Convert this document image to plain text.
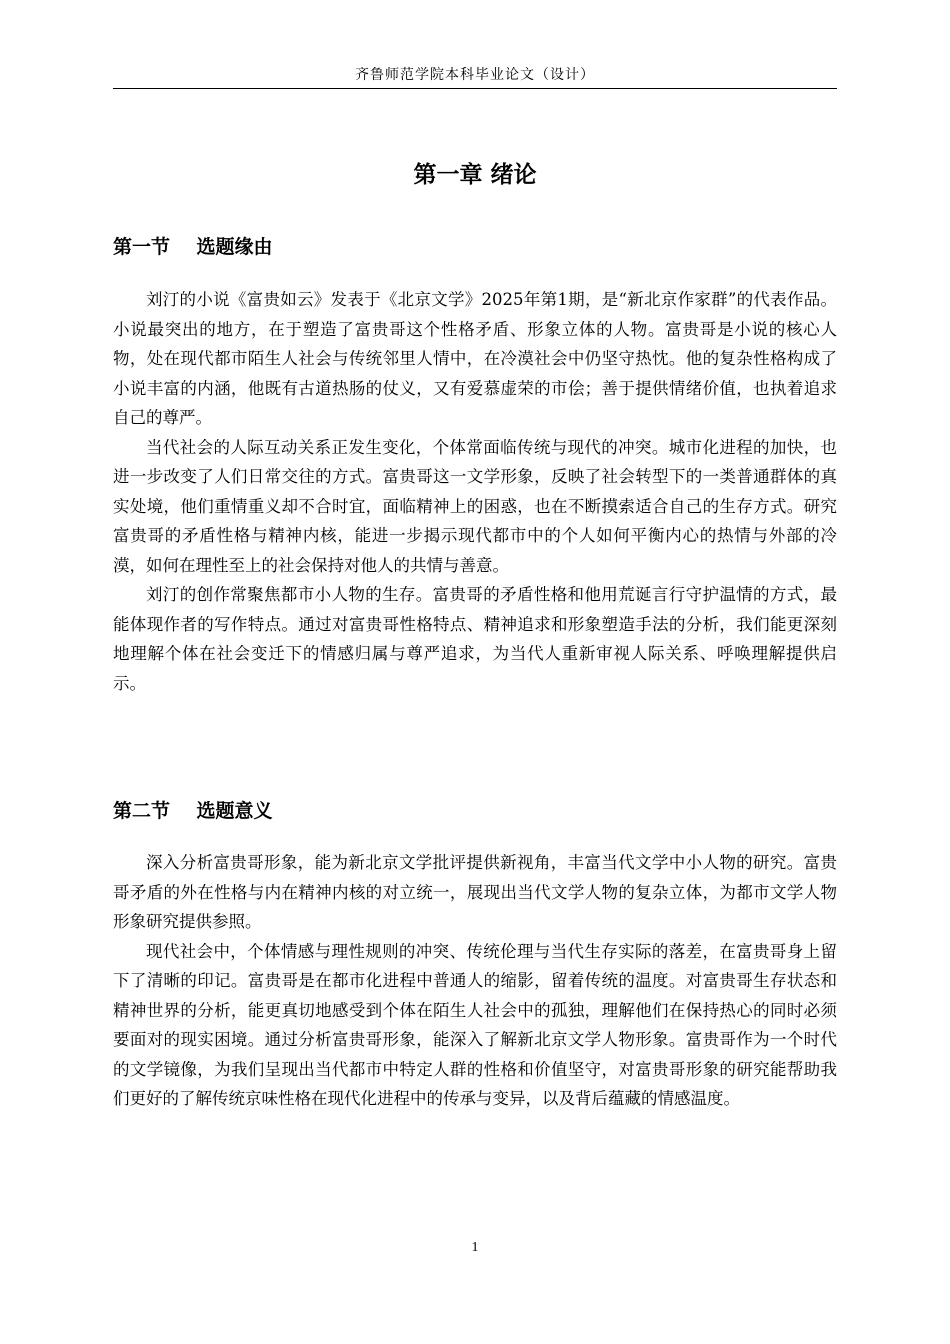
齐鲁师范学院本科毕业论文（设计）
第一章 绪论
第一节    选题缘由

刘汀的小说《富贵如云》发表于《北京文学》2025年第1期，是“新北京作家群”的代表作品。小说最突出的地方，在于塑造了富贵哥这个性格矛盾、形象立体的人物。富贵哥是小说的核心人物，处在现代都市陌生人社会与传统邻里人情中，在冷漠社会中仍坚守热忱。他的复杂性格构成了小说丰富的内涵，他既有古道热肠的仗义，又有爱慕虚荣的市侩；善于提供情绪价值，也执着追求自己的尊严。

当代社会的人际互动关系正发生变化，个体常面临传统与现代的冲突。城市化进程的加快，也进一步改变了人们日常交往的方式。富贵哥这一文学形象，反映了社会转型下的一类普通群体的真实处境，他们重情重义却不合时宜，面临精神上的困惑，也在不断摸索适合自己的生存方式。研究富贵哥的矛盾性格与精神内核，能进一步揭示现代都市中的个人如何平衡内心的热情与外部的冷漠，如何在理性至上的社会保持对他人的共情与善意。

刘汀的创作常聚焦都市小人物的生存。富贵哥的矛盾性格和他用荒诞言行守护温情的方式，最能体现作者的写作特点。通过对富贵哥性格特点、精神追求和形象塑造手法的分析，我们能更深刻地理解个体在社会变迁下的情感归属与尊严追求，为当代人重新审视人际关系、呼唤理解提供启示。

第二节    选题意义

深入分析富贵哥形象，能为新北京文学批评提供新视角，丰富当代文学中小人物的研究。富贵哥矛盾的外在性格与内在精神内核的对立统一，展现出当代文学人物的复杂立体，为都市文学人物形象研究提供参照。

现代社会中，个体情感与理性规则的冲突、传统伦理与当代生存实际的落差，在富贵哥身上留下了清晰的印记。富贵哥是在都市化进程中普通人的缩影，留着传统的温度。对富贵哥生存状态和精神世界的分析，能更真切地感受到个体在陌生人社会中的孤独，理解他们在保持热心的同时必须要面对的现实困境。通过分析富贵哥形象，能深入了解新北京文学人物形象。富贵哥作为一个时代的文学镜像，为我们呈现出当代都市中特定人群的性格和价值坚守，对富贵哥形象的研究能帮助我们更好的了解传统京味性格在现代化进程中的传承与变异，以及背后蕴藏的情感温度。

1
